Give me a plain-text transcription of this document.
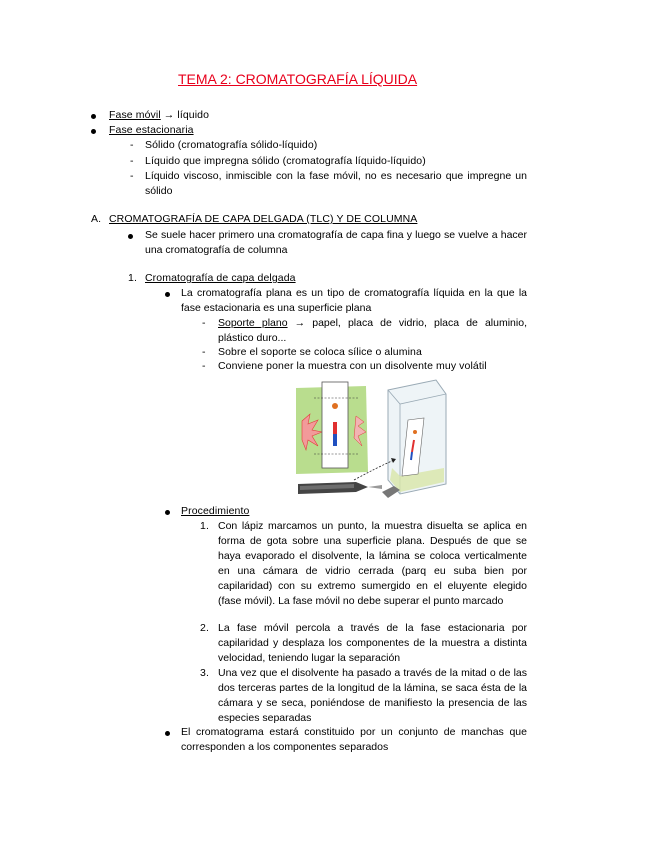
TEMA 2: CROMATOGRAFÍA LÍQUIDA
Fase móvil → líquido
Fase estacionaria
- Sólido (cromatografía sólido-líquido)
- Líquido que impregna sólido (cromatografía líquido-líquido)
- Líquido viscoso, inmiscible con la fase móvil, no es necesario que impregne un sólido
A. CROMATOGRAFÍA DE CAPA DELGADA (TLC) Y DE COLUMNA
Se suele hacer primero una cromatografía de capa fina y luego se vuelve a hacer una cromatografía de columna
1. Cromatografía de capa delgada
La cromatografía plana es un tipo de cromatografía líquida en la que la fase estacionaria es una superficie plana
- Soporte plano → papel, placa de vidrio, placa de aluminio, plástico duro...
- Sobre el soporte se coloca sílice o alumina
- Conviene poner la muestra con un disolvente muy volátil
Procedimiento
1. Con lápiz marcamos un punto, la muestra disuelta se aplica en forma de gota sobre una superficie plana. Después de que se haya evaporado el disolvente, la lámina se coloca verticalmente en una cámara de vidrio cerrada (parq eu suba bien por capilaridad) con su extremo sumergido en el eluyente elegido (fase móvil). La fase móvil no debe superar el punto marcado
2. La fase móvil percola a través de la fase estacionaria por capilaridad y desplaza los componentes de la muestra a distinta velocidad, teniendo lugar la separación
3. Una vez que el disolvente ha pasado a través de la mitad o de las dos terceras partes de la longitud de la lámina, se saca ésta de la cámara y se seca, poniéndose de manifiesto la presencia de las especies separadas
El cromatograma estará constituido por un conjunto de manchas que corresponden a los componentes separados
